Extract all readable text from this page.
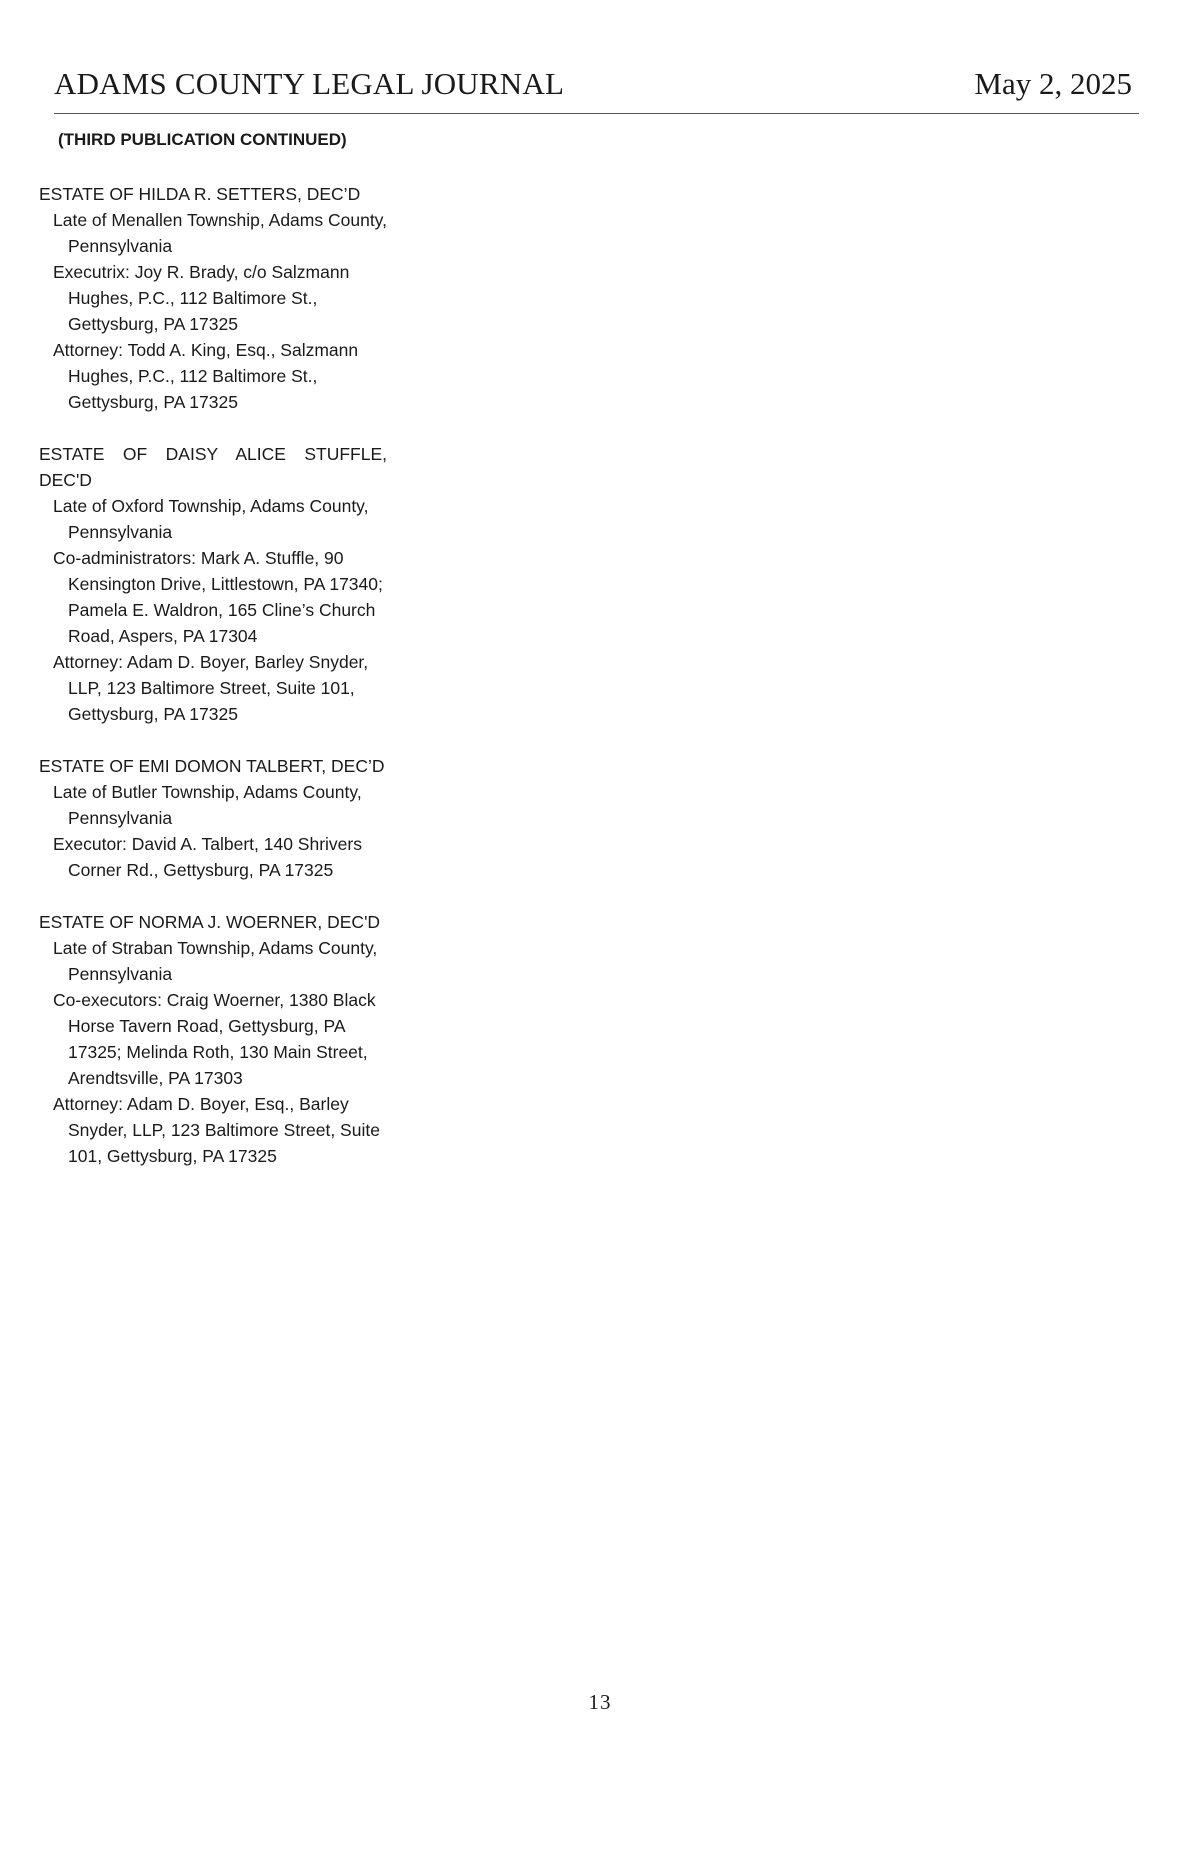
ADAMS COUNTY LEGAL JOURNAL	May 2, 2025
(THIRD PUBLICATION CONTINUED)
ESTATE OF HILDA R. SETTERS, DEC’D
Late of Menallen Township, Adams County, Pennsylvania
Executrix: Joy R. Brady, c/o Salzmann Hughes, P.C., 112 Baltimore St., Gettysburg, PA 17325
Attorney: Todd A. King, Esq., Salzmann Hughes, P.C., 112 Baltimore St., Gettysburg, PA 17325
ESTATE OF DAISY ALICE STUFFLE, DEC'D
Late of Oxford Township, Adams County, Pennsylvania
Co-administrators: Mark A. Stuffle, 90 Kensington Drive, Littlestown, PA 17340; Pamela E. Waldron, 165 Cline’s Church Road, Aspers, PA 17304
Attorney: Adam D. Boyer, Barley Snyder, LLP, 123 Baltimore Street, Suite 101, Gettysburg, PA 17325
ESTATE OF EMI DOMON TALBERT, DEC’D
Late of Butler Township, Adams County, Pennsylvania
Executor: David A. Talbert, 140 Shrivers Corner Rd., Gettysburg, PA 17325
ESTATE OF NORMA J. WOERNER, DEC'D
Late of Straban Township, Adams County, Pennsylvania
Co-executors: Craig Woerner, 1380 Black Horse Tavern Road, Gettysburg, PA 17325; Melinda Roth, 130 Main Street, Arendtsville, PA 17303
Attorney: Adam D. Boyer, Esq., Barley Snyder, LLP, 123 Baltimore Street, Suite 101, Gettysburg, PA 17325
13
